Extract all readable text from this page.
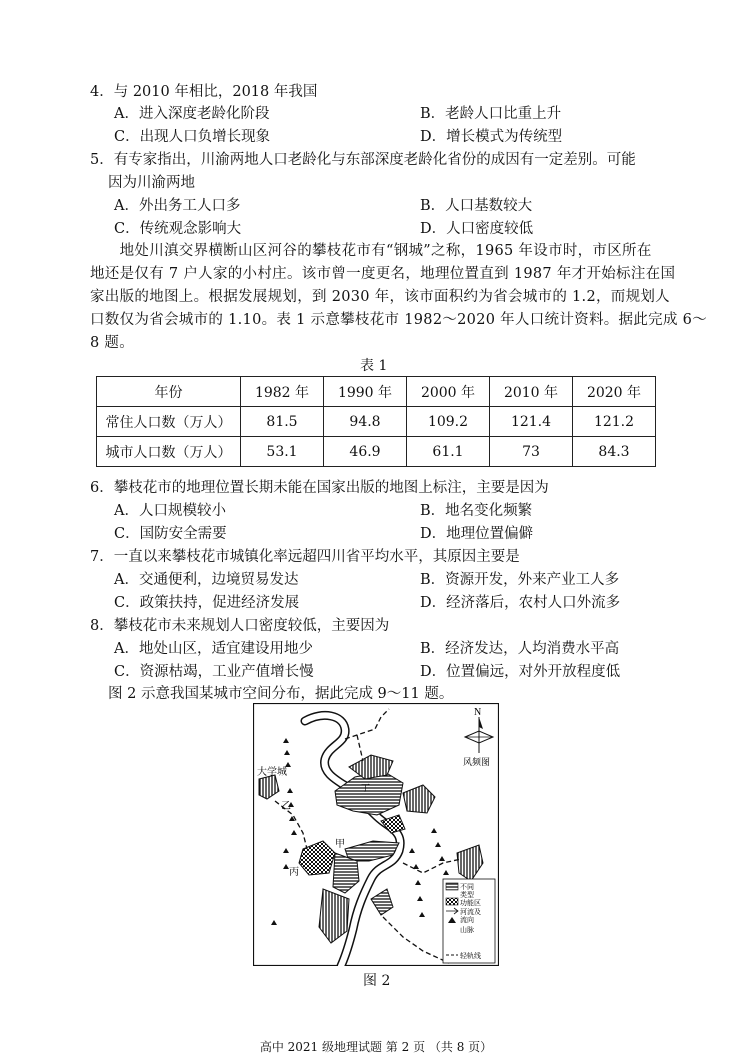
4．与 2010 年相比，2018 年我国
A．进入深度老龄化阶段	B．老龄人口比重上升
C．出现人口负增长现象	D．增长模式为传统型
5．有专家指出，川渝两地人口老龄化与东部深度老龄化省份的成因有一定差别。可能
因为川渝两地
A．外出务工人口多	B．人口基数较大
C．传统观念影响大	D．人口密度较低
　　地处川滇交界横断山区河谷的攀枝花市有“钢城”之称，1965 年设市时，市区所在
地还是仅有 7 户人家的小村庄。该市曾一度更名，地理位置直到 1987 年才开始标注在国
家出版的地图上。根据发展规划，到 2030 年，该市面积约为省会城市的 1.2，而规划人
口数仅为省会城市的 1.10。表 1 示意攀枝花市 1982～2020 年人口统计资料。据此完成 6～
8 题。
表 1
年份	1982 年	1990 年	2000 年	2010 年	2020 年
常住人口数（万人）	81.5	94.8	109.2	121.4	121.2
城市人口数（万人）	53.1	46.9	61.1	73	84.3
6．攀枝花市的地理位置长期未能在国家出版的地图上标注，主要是因为
A．人口规模较小	B．地名变化频繁
C．国防安全需要	D．地理位置偏僻
7．一直以来攀枝花市城镇化率远超四川省平均水平，其原因主要是
A．交通便利，边境贸易发达	B．资源开发，外来产业工人多
C．政策扶持，促进经济发展	D．经济落后，农村人口外流多
8．攀枝花市未来规划人口密度较低，主要因为
A．地处山区，适宜建设用地少	B．经济发达，人均消费水平高
C．资源枯竭，工业产值增长慢	D．位置偏远，对外开放程度低
图 2 示意我国某城市空间分布，据此完成 9～11 题。
N
风频图
大学城
乙
丁
甲
丙
不同
类型
功能区
河流及
流向
山脉
轻轨线
图 2
高中 2021 级地理试题 第 2 页 （共 8 页）
